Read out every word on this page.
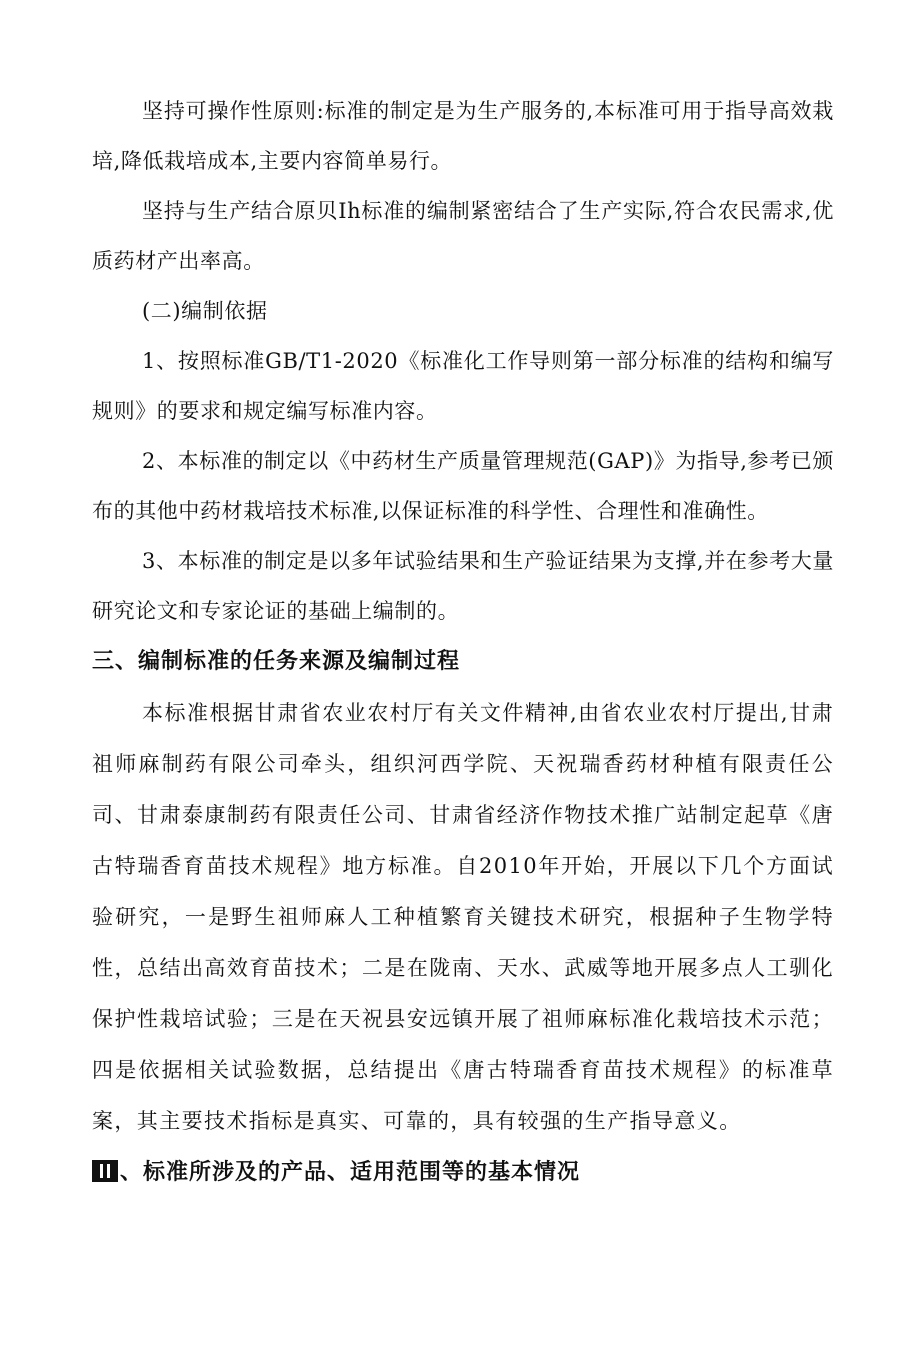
坚持可操作性原则:标准的制定是为生产服务的,本标准可用于指导高效栽培,降低栽培成本,主要内容简单易行。

坚持与生产结合原贝Ih标准的编制紧密结合了生产实际,符合农民需求,优质药材产出率高。

(二)编制依据

1、按照标准GB/T1-2020《标准化工作导则第一部分标准的结构和编写规则》的要求和规定编写标准内容。

2、本标准的制定以《中药材生产质量管理规范(GAP)》为指导,参考已颁布的其他中药材栽培技术标准,以保证标准的科学性、合理性和准确性。

3、本标准的制定是以多年试验结果和生产验证结果为支撑,并在参考大量研究论文和专家论证的基础上编制的。

三、编制标准的任务来源及编制过程

本标准根据甘肃省农业农村厅有关文件精神,由省农业农村厅提出,甘肃祖师麻制药有限公司牵头，组织河西学院、天祝瑞香药材种植有限责任公司、甘肃泰康制药有限责任公司、甘肃省经济作物技术推广站制定起草《唐古特瑞香育苗技术规程》地方标准。自2010年开始，开展以下几个方面试验研究，一是野生祖师麻人工种植繁育关键技术研究，根据种子生物学特性，总结出高效育苗技术；二是在陇南、天水、武威等地开展多点人工驯化保护性栽培试验；三是在天祝县安远镇开展了祖师麻标准化栽培技术示范；四是依据相关试验数据，总结提出《唐古特瑞香育苗技术规程》的标准草案，其主要技术指标是真实、可靠的，具有较强的生产指导意义。

、标准所涉及的产品、适用范围等的基本情况
